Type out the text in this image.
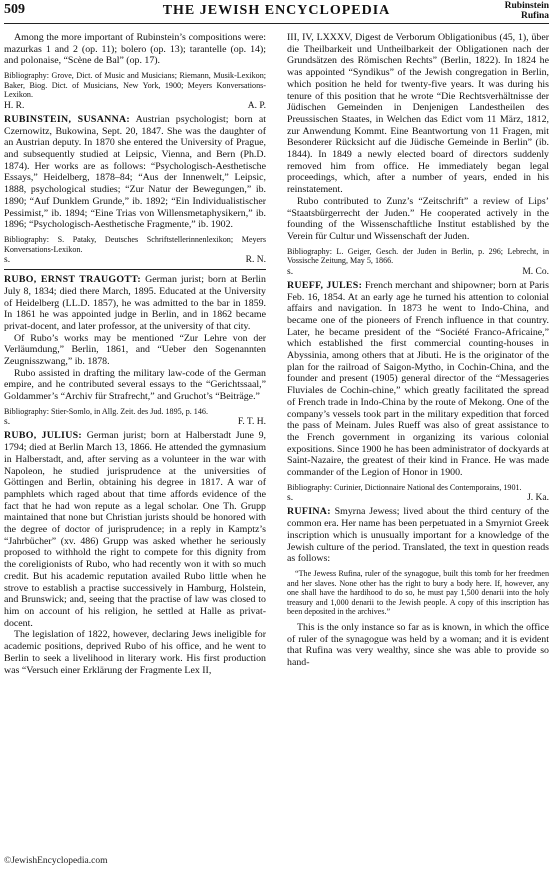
509	THE JEWISH ENCYCLOPEDIA	Rubinstein
Rufina

Among the more important of Rubinstein’s compositions were: mazurkas 1 and 2 (op. 11); bolero (op. 13); tarantelle (op. 14); and polonaise, “Scène de Bal” (op. 17).

Bibliography: Grove, Dict. of Music and Musicians; Riemann, Musik-Lexikon; Baker, Biog. Dict. of Musicians, New York, 1900; Meyers Konversations-Lexikon.

H. R.	A. P.

RUBINSTEIN, SUSANNA: Austrian psychologist; born at Czernowitz, Bukowina, Sept. 20, 1847. She was the daughter of an Austrian deputy. In 1870 she entered the University of Prague, and subsequently studied at Leipsic, Vienna, and Bern (Ph.D. 1874). Her works are as follows: “Psychologisch-Aesthetische Essays,” Heidelberg, 1878–84; “Aus der Innenwelt,” Leipsic, 1888, psychological studies; “Zur Natur der Bewegungen,” ib. 1890; “Auf Dunklem Grunde,” ib. 1892; “Ein Individualistischer Pessimist,” ib. 1894; “Eine Trias von Willensmetaphysikern,” ib. 1896; “Psychologisch-Aesthetische Fragmente,” ib. 1902.

Bibliography: S. Pataky, Deutsches Schriftstellerinnenlexikon; Meyers Konversations-Lexikon.

s.	R. N.

RUBO, ERNST TRAUGOTT: German jurist; born at Berlin July 8, 1834; died there March, 1895. Educated at the University of Heidelberg (LL.D. 1857), he was admitted to the bar in 1859. In 1861 he was appointed judge in Berlin, and in 1862 became privat-docent, and later professor, at the university of that city.

Of Rubo’s works may be mentioned “Zur Lehre von der Verläumdung,” Berlin, 1861, and “Ueber den Sogenannten Zeugnisszwang,” ib. 1878.

Rubo assisted in drafting the military law-code of the German empire, and he contributed several essays to the “Gerichtssaal,” Goldammer’s “Archiv für Strafrecht,” and Gruchot’s “Beiträge.”

Bibliography: Stier-Somlo, in Allg. Zeit. des Jud. 1895, p. 146.

s.	F. T. H.

RUBO, JULIUS: German jurist; born at Halberstadt June 9, 1794; died at Berlin March 13, 1866. He attended the gymnasium in Halberstadt, and, after serving as a volunteer in the war with Napoleon, he studied jurisprudence at the universities of Göttingen and Berlin, obtaining his degree in 1817. A war of pamphlets which raged about that time affords evidence of the fact that he had won repute as a legal scholar. One Th. Grupp maintained that none but Christian jurists should be honored with the degree of doctor of jurisprudence; in a reply in Kamptz’s “Jahrbücher” (xv. 486) Grupp was asked whether he seriously proposed to withhold the right to compete for this dignity from the coreligionists of Rubo, who had recently won it with so much credit. But his academic reputation availed Rubo little when he strove to establish a practise successively in Hamburg, Holstein, and Brunswick; and, seeing that the practise of law was closed to him on account of his religion, he settled at Halle as privat-docent.

The legislation of 1822, however, declaring Jews ineligible for academic positions, deprived Rubo of his office, and he went to Berlin to seek a livelihood in literary work. His first production was “Versuch einer Erklärung der Fragmente Lex II,

III, IV, LXXXV, Digest de Verborum Obligationibus (45, 1), über die Theilbarkeit und Untheilbarkeit der Obligationen nach der Grundsätzen des Römischen Rechts” (Berlin, 1822). In 1824 he was appointed “Syndikus” of the Jewish congregation in Berlin, which position he held for twenty-five years. It was during his tenure of this position that he wrote “Die Rechtsverhältnisse der Jüdischen Gemeinden in Denjenigen Landestheilen des Preussischen Staates, in Welchen das Edict vom 11 März, 1812, zur Anwendung Kommt. Eine Beantwortung von 11 Fragen, mit Besonderer Rücksicht auf die Jüdische Gemeinde in Berlin” (ib. 1844). In 1849 a newly elected board of directors suddenly removed him from office. He immediately began legal proceedings, which, after a number of years, ended in his reinstatement.

Rubo contributed to Zunz’s “Zeitschrift” a review of Lips’ “Staatsbürgerrecht der Juden.” He cooperated actively in the founding of the Wissenschaftliche Institut established by the Verein für Cultur und Wissenschaft der Juden.

Bibliography: L. Geiger, Gesch. der Juden in Berlin, p. 296; Lebrecht, in Vossische Zeitung, May 5, 1866.

s.	M. Co.

RUEFF, JULES: French merchant and shipowner; born at Paris Feb. 16, 1854. At an early age he turned his attention to colonial affairs and navigation. In 1873 he went to Indo-China, and became one of the pioneers of French influence in that country. Later, he became president of the “Société Franco-Africaine,” which established the first commercial counting-houses in Abyssinia, among others that at Jibuti. He is the originator of the plan for the railroad of Saigon-Mytho, in Cochin-China, and the founder and present (1905) general director of the “Messageries Fluviales de Cochin-chine,” which greatly facilitated the spread of French trade in Indo-China by the route of Mekong. One of the company’s vessels took part in the military expedition that forced the pass of Meinam. Jules Rueff was also of great assistance to the French government in organizing its various colonial expositions. Since 1900 he has been administrator of dockyards at Saint-Nazaire, the greatest of their kind in France. He was made commander of the Legion of Honor in 1900.

Bibliography: Curinier, Dictionnaire National des Contemporains, 1901.

s.	J. Ka.

RUFINA: Smyrna Jewess; lived about the third century of the common era. Her name has been perpetuated in a Smyrniot Greek inscription which is unusually important for a knowledge of the Jewish culture of the period. Translated, the text in question reads as follows:

“The Jewess Rufina, ruler of the synagogue, built this tomb for her freedmen and her slaves. None other has the right to bury a body here. If, however, any one shall have the hardihood to do so, he must pay 1,500 denarii into the holy treasury and 1,000 denarii to the Jewish people. A copy of this inscription has been deposited in the archives.”

This is the only instance so far as is known, in which the office of ruler of the synagogue was held by a woman; and it is evident that Rufina was very wealthy, since she was able to provide so hand-

©JewishEncyclopedia.com
